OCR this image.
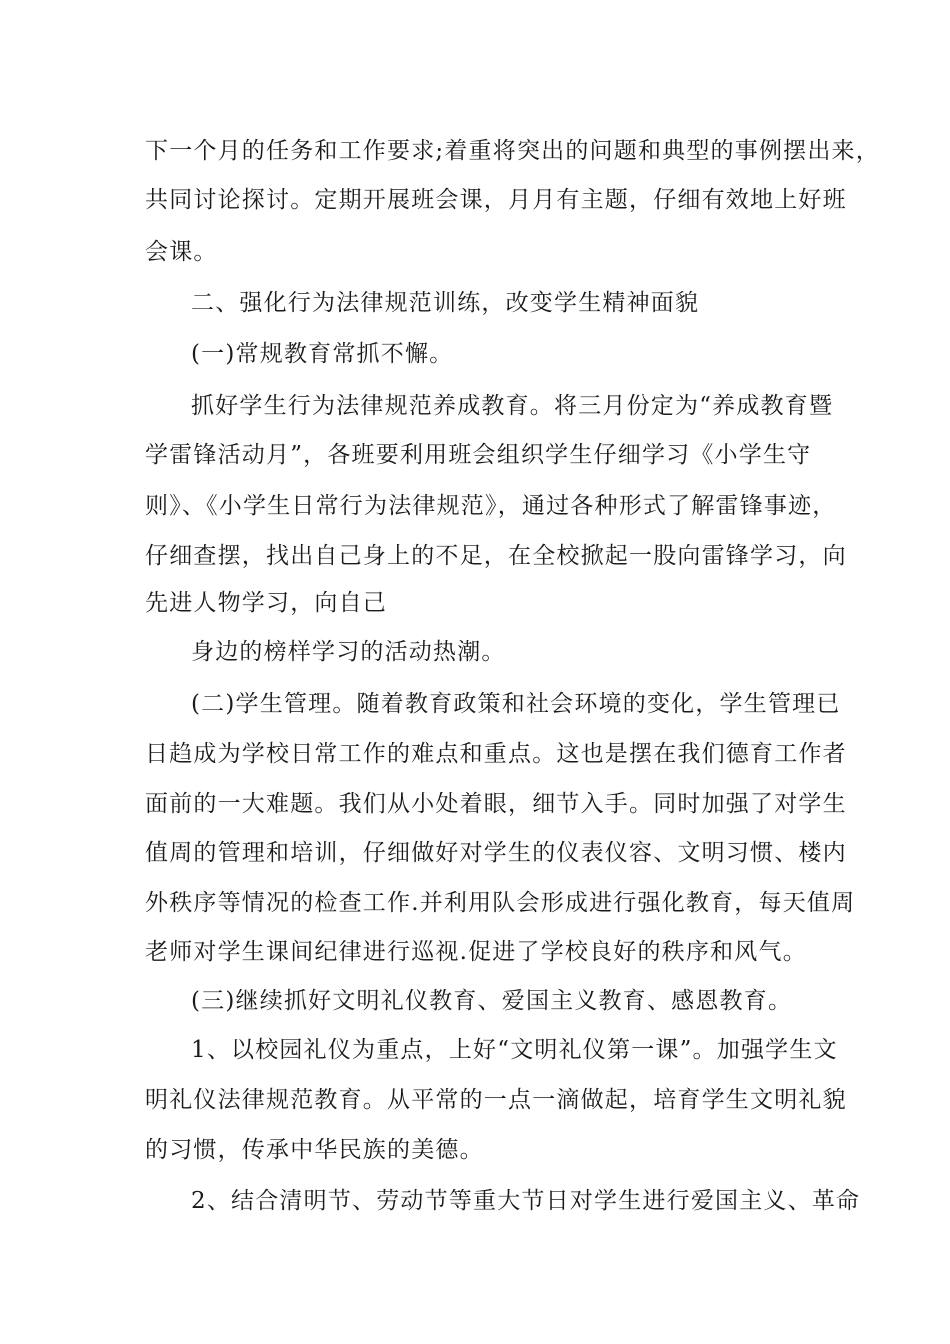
下一个月的任务和工作要求;着重将突出的问题和典型的事例摆出来，
共同讨论探讨。定期开展班会课，月月有主题，仔细有效地上好班
会课。
二、强化行为法律规范训练，改变学生精神面貌
(一)常规教育常抓不懈。
抓好学生行为法律规范养成教育。将三月份定为“养成教育暨
学雷锋活动月”，各班要利用班会组织学生仔细学习《小学生守
则》、《小学生日常行为法律规范》，通过各种形式了解雷锋事迹，
仔细查摆，找出自己身上的不足，在全校掀起一股向雷锋学习，向
先进人物学习，向自己
身边的榜样学习的活动热潮。
(二)学生管理。随着教育政策和社会环境的变化，学生管理已
日趋成为学校日常工作的难点和重点。这也是摆在我们德育工作者
面前的一大难题。我们从小处着眼，细节入手。同时加强了对学生
值周的管理和培训，仔细做好对学生的仪表仪容、文明习惯、楼内
外秩序等情况的检查工作.并利用队会形成进行强化教育，每天值周
老师对学生课间纪律进行巡视.促进了学校良好的秩序和风气。
(三)继续抓好文明礼仪教育、爱国主义教育、感恩教育。
1、以校园礼仪为重点，上好“文明礼仪第一课”。加强学生文
明礼仪法律规范教育。从平常的一点一滴做起，培育学生文明礼貌
的习惯，传承中华民族的美德。
2、结合清明节、劳动节等重大节日对学生进行爱国主义、革命
